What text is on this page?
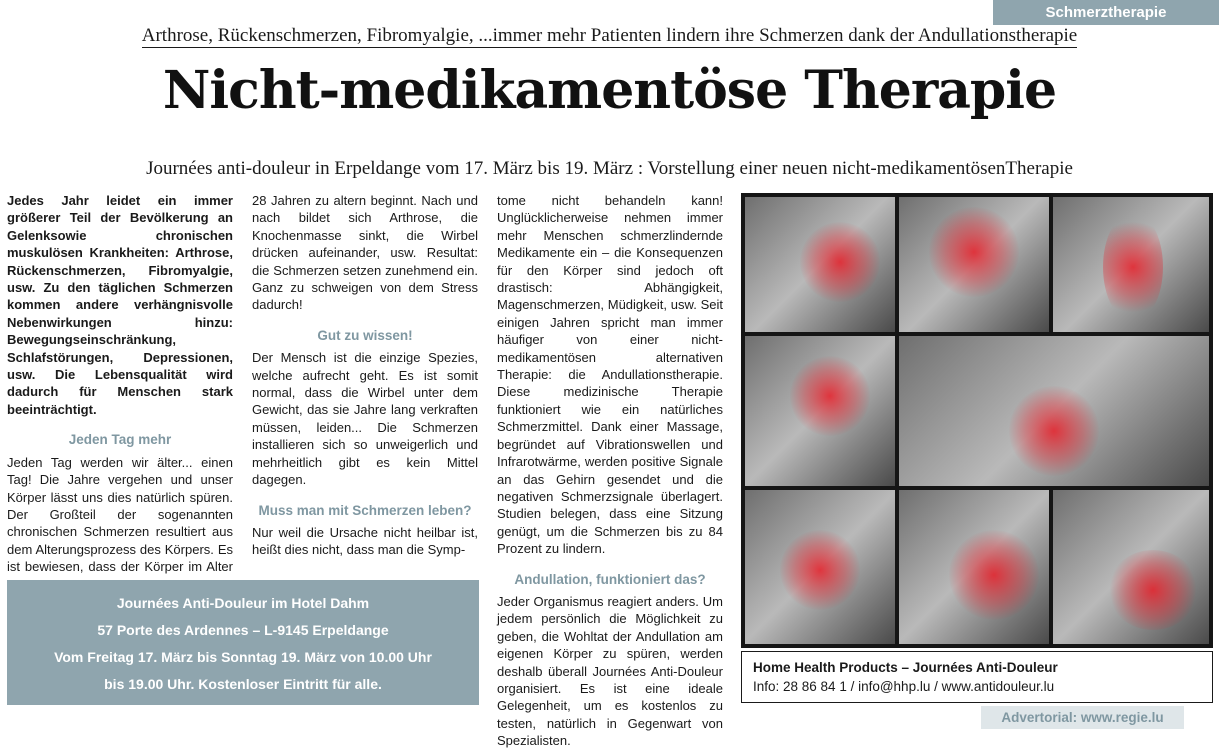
Schmerztherapie
Arthrose, Rückenschmerzen, Fibromyalgie, ...immer mehr Patienten lindern ihre Schmerzen dank der Andullationstherapie
Nicht-medikamentöse Therapie
Journées anti-douleur in Erpeldange vom 17. März bis 19. März : Vorstellung einer neuen nicht-medikamentösenTherapie

Jedes Jahr leidet ein immer größerer Teil der Bevölkerung an Gelenksowie chronischen muskulösen Krankheiten: Arthrose, Rückenschmerzen, Fibromyalgie, usw. Zu den täglichen Schmerzen kommen andere verhängnisvolle Nebenwirkungen hinzu: Bewegungseinschränkung, Schlafstörungen, Depressionen, usw. Die Lebensqualität wird dadurch für Menschen stark beeinträchtigt.

Jeden Tag mehr

Jeden Tag werden wir älter... einen Tag! Die Jahre vergehen und unser Körper lässt uns dies natürlich spüren. Der Großteil der sogenannten chronischen Schmerzen resultiert aus dem Alterungsprozess des Körpers. Es ist bewiesen, dass der Körper im Alter

28 Jahren zu altern beginnt. Nach und nach bildet sich Arthrose, die Knochenmasse sinkt, die Wirbel drücken aufeinander, usw. Resultat: die Schmerzen setzen zunehmend ein. Ganz zu schweigen von dem Stress dadurch!

Gut zu wissen!

Der Mensch ist die einzige Spezies, welche aufrecht geht. Es ist somit normal, dass die Wirbel unter dem Gewicht, das sie Jahre lang verkraften müssen, leiden... Die Schmerzen installieren sich so unweigerlich und mehrheitlich gibt es kein Mittel dagegen.

Muss man mit Schmerzen leben?

Nur weil die Ursache nicht heilbar ist, heißt dies nicht, dass man die Symp-

tome nicht behandeln kann! Unglücklicherweise nehmen immer mehr Menschen schmerzlindernde Medikamente ein – die Konsequenzen für den Körper sind jedoch oft drastisch: Abhängigkeit, Magenschmerzen, Müdigkeit, usw. Seit einigen Jahren spricht man immer häufiger von einer nicht-medikamentösen alternativen Therapie: die Andullationstherapie. Diese medizinische Therapie funktioniert wie ein natürliches Schmerzmittel. Dank einer Massage, begründet auf Vibrationswellen und Infrarotwärme, werden positive Signale an das Gehirn gesendet und die negativen Schmerzsignale überlagert. Studien belegen, dass eine Sitzung genügt, um die Schmerzen bis zu 84 Prozent zu lindern.

Andullation, funktioniert das?

Jeder Organismus reagiert anders. Um jedem persönlich die Möglichkeit zu geben, die Wohltat der Andullation am eigenen Körper zu spüren, werden deshalb überall Journées Anti-Douleur organisiert. Es ist eine ideale Gelegenheit, um es kostenlos zu testen, natürlich in Gegenwart von Spezialisten.

Journées Anti-Douleur im Hotel Dahm
57 Porte des Ardennes – L-9145 Erpeldange
Vom Freitag 17. März bis Sonntag 19. März von 10.00 Uhr
bis 19.00 Uhr. Kostenloser Eintritt für alle.
Home Health Products – Journées Anti-Douleur
Info: 28 86 84 1 / info@hhp.lu / www.antidouleur.lu
Advertorial: www.regie.lu
